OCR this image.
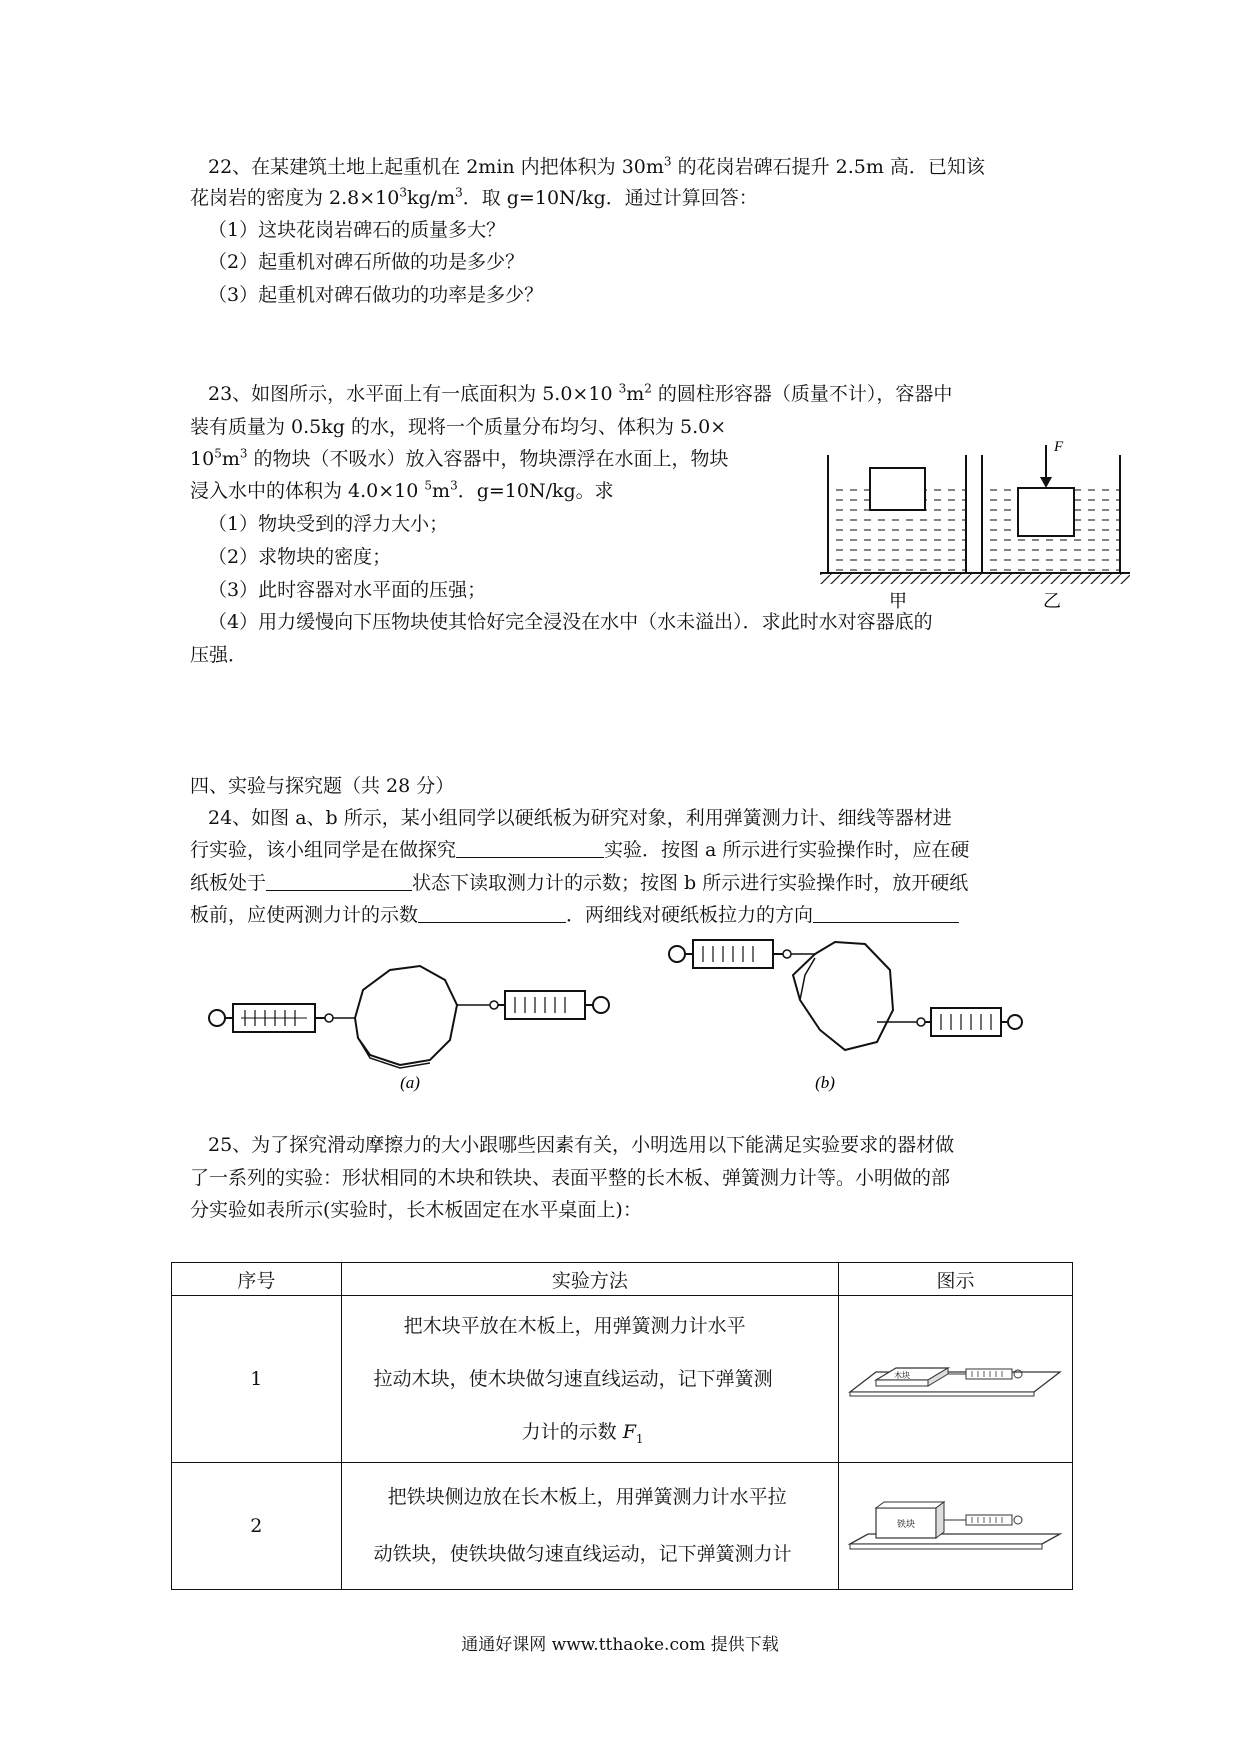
22、在某建筑土地上起重机在 2min 内把体积为 $30m^3$ 的花岗岩碑石提升 2.5m 高．已知该
花岗岩的密度为 $2.8\times 10^3kg/m^3$．取 g=10N/kg．通过计算回答：
（1）这块花岗岩碑石的质量多大？
（2）起重机对碑石所做的功是多少？
（3）起重机对碑石做功的功率是多少？
23、如图所示，水平面上有一底面积为 5.0×10 $^3m^2$ 的圆柱形容器（质量不计），容器中
装有质量为 0.5kg 的水，现将一个质量分布均匀、体积为 5.0×
$10^5m^3$ 的物块（不吸水）放入容器中，物块漂浮在水面上，物块
浸入水中的体积为 4.0×10 $^5m^3$．g=10N/kg。求
（1）物块受到的浮力大小；
（2）求物块的密度；
（3）此时容器对水平面的压强；
（4）用力缓慢向下压物块使其恰好完全浸没在水中（水未溢出）．求此时水对容器底的
压强．
F
甲	乙
四、实验与探究题（共 28 分）
24、如图 a、b 所示，某小组同学以硬纸板为研究对象，利用弹簧测力计、细线等器材进
行实验，该小组同学是在做探究	实验．按图 a 所示进行实验操作时，应在硬
纸板处于	状态下读取测力计的示数；按图 b 所示进行实验操作时，放开硬纸
板前，应使两测力计的示数	．两细线对硬纸板拉力的方向
(a)	(b)
25、为了探究滑动摩擦力的大小跟哪些因素有关，小明选用以下能满足实验要求的器材做
了一系列的实验：形状相同的木块和铁块、表面平整的长木板、弹簧测力计等。小明做的部
分实验如表所示(实验时，长木板固定在水平桌面上)：
序号	实验方法	图示
1	把木块平放在木板上，用弹簧测力计水平
拉动木块，使木块做匀速直线运动，记下弹簧测
力计的示数 $F_1$	木块

2	把铁块侧边放在长木板上，用弹簧测力计水平拉
动铁块，使铁块做匀速直线运动，记下弹簧测力计	铁块
通通好课网 www.tthaoke.com 提供下载
